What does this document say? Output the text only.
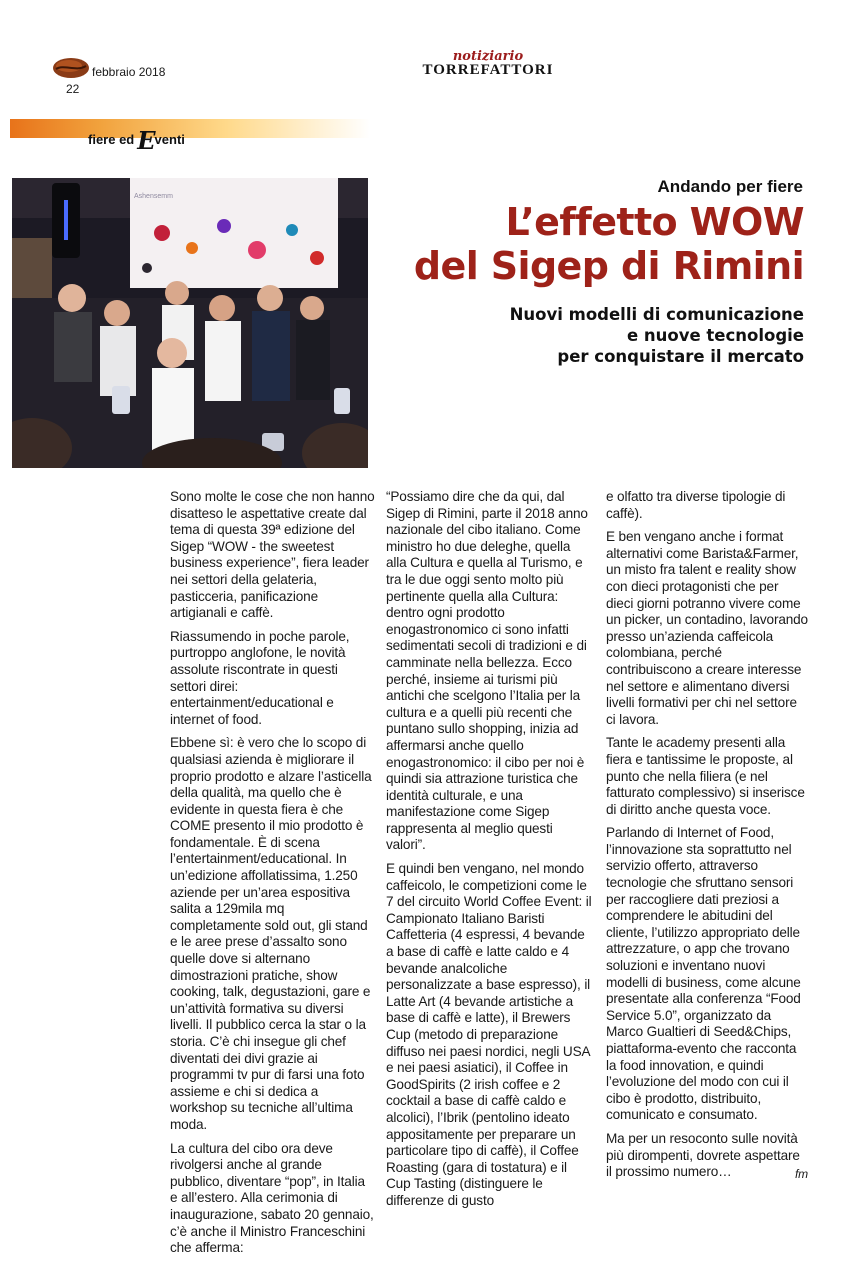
febbraio 2018
22
notiziario
TORREFATTORI
fiere ed Eventi
Ashensemm
Andando per fiere
L’effetto WOW
del Sigep di Rimini
Nuovi modelli di comunicazione
e nuove tecnologie
per conquistare il mercato

Sono molte le cose che non hanno disatteso le aspettative create dal tema di questa 39ª edizione del Sigep “WOW - the sweetest business experience”, fiera leader nei settori della gelateria, pasticceria, panificazione artigianali e caffè.

Riassumendo in poche parole, purtroppo anglofone, le novità assolute riscontrate in questi settori direi: entertainment/educational e internet of food.

Ebbene sì: è vero che lo scopo di qualsiasi azienda è migliorare il proprio prodotto e alzare l’asticella della qualità, ma quello che è evidente in questa fiera è che COME presento il mio prodotto è fondamentale. È di scena l’entertainment/educational. In un’edizione affollatissima, 1.250 aziende per un’area espositiva salita a 129mila mq completamente sold out, gli stand e le aree prese d’assalto sono quelle dove si alternano dimostrazioni pratiche, show cooking, talk, degustazioni, gare e un’attività formativa su diversi livelli. Il pubblico cerca la star o la storia. C’è chi insegue gli chef diventati dei divi grazie ai programmi tv pur di farsi una foto assieme e chi si dedica a workshop su tecniche all’ultima moda.

La cultura del cibo ora deve rivolgersi anche al grande pubblico, diventare “pop”, in Italia e all’estero. Alla cerimonia di inaugurazione, sabato 20 gennaio, c’è anche il Ministro Franceschini che afferma:

“Possiamo dire che da qui, dal Sigep di Rimini, parte il 2018 anno nazionale del cibo italiano. Come ministro ho due deleghe, quella alla Cultura e quella al Turismo, e tra le due oggi sento molto più pertinente quella alla Cultura: dentro ogni prodotto enogastronomico ci sono infatti sedimentati secoli di tradizioni e di camminate nella bellezza. Ecco perché, insieme ai turismi più antichi che scelgono l’Italia per la cultura e a quelli più recenti che puntano sullo shopping, inizia ad affermarsi anche quello enogastronomico: il cibo per noi è quindi sia attrazione turistica che identità culturale, e una manifestazione come Sigep rappresenta al meglio questi valori”.

E quindi ben vengano, nel mondo caffeicolo, le competizioni come le 7 del circuito World Coffee Event: il Campionato Italiano Baristi Caffetteria (4 espressi, 4 bevande a base di caffè e latte caldo e 4 bevande analcoliche personalizzate a base espresso), il Latte Art (4 bevande artistiche a base di caffè e latte), il Brewers Cup (metodo di preparazione diffuso nei paesi nordici, negli USA e nei paesi asiatici), il Coffee in GoodSpirits (2 irish coffee e 2 cocktail a base di caffè caldo e alcolici), l’Ibrik (pentolino ideato appositamente per preparare un particolare tipo di caffè), il Coffee Roasting (gara di tostatura) e il Cup Tasting (distinguere le differenze di gusto

e olfatto tra diverse tipologie di caffè).

E ben vengano anche i format alternativi come Barista&Farmer, un misto fra talent e reality show con dieci protagonisti che per dieci giorni potranno vivere come un picker, un contadino, lavorando presso un’azienda caffeicola colombiana, perché contribuiscono a creare interesse nel settore e alimentano diversi livelli formativi per chi nel settore ci lavora.

Tante le academy presenti alla fiera e tantissime le proposte, al punto che nella filiera (e nel fatturato complessivo) si inserisce di diritto anche questa voce.

Parlando di Internet of Food, l’innovazione sta soprattutto nel servizio offerto, attraverso tecnologie che sfruttano sensori per raccogliere dati preziosi a comprendere le abitudini del cliente, l’utilizzo appropriato delle attrezzature, o app che trovano soluzioni e inventano nuovi modelli di business, come alcune presentate alla conferenza “Food Service 5.0”, organizzato da Marco Gualtieri di Seed&Chips, piattaforma-evento che racconta la food innovation, e quindi l’evoluzione del modo con cui il cibo è prodotto, distribuito, comunicato e consumato.

Ma per un resoconto sulle novità più dirompenti, dovrete aspettare il prossimo numero…	fm
